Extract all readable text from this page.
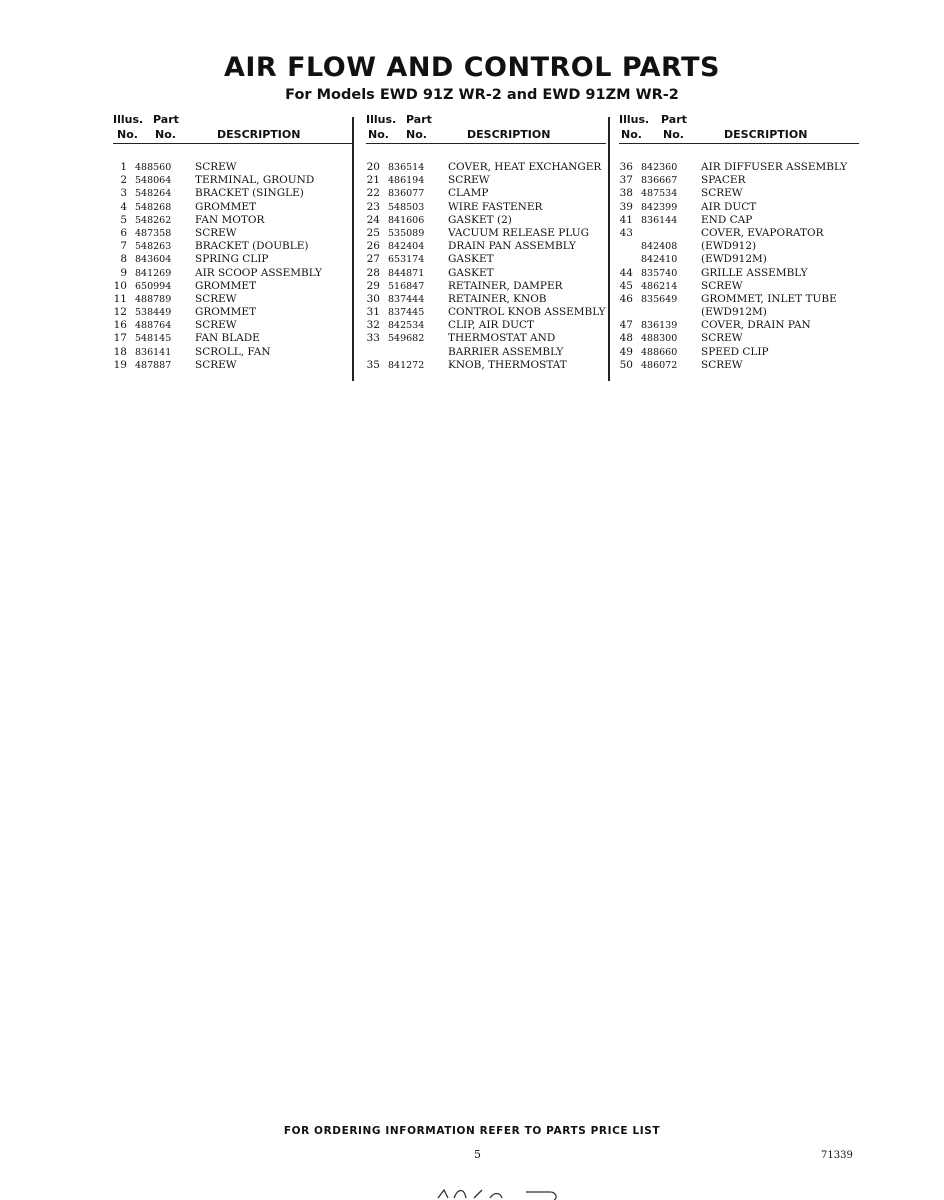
AIR FLOW AND CONTROL PARTS
For Models EWD 91Z WR-2 and EWD 91ZM WR-2
Illus. Part
No. No.	DESCRIPTION
1 488560 SCREW
2 548064 TERMINAL, GROUND
3 548264 BRACKET (SINGLE)
4 548268 GROMMET
5 548262 FAN MOTOR
6 487358 SCREW
7 548263 BRACKET (DOUBLE)
8 843604 SPRING CLIP
9 841269 AIR SCOOP ASSEMBLY
10 650994 GROMMET
11 488789 SCREW
12 538449 GROMMET
16 488764 SCREW
17 548145 FAN BLADE
18 836141 SCROLL, FAN
19 487887 SCREW
Illus. Part
No. No.	DESCRIPTION
20 836514 COVER, HEAT EXCHANGER
21 486194 SCREW
22 836077 CLAMP
23 548503 WIRE FASTENER
24 841606 GASKET (2)
25 535089 VACUUM RELEASE PLUG
26 842404 DRAIN PAN ASSEMBLY
27 653174 GASKET
28 844871 GASKET
29 516847 RETAINER, DAMPER
30 837444 RETAINER, KNOB
31 837445 CONTROL KNOB ASSEMBLY
32 842534 CLIP, AIR DUCT
33 549682 THERMOSTAT AND
BARRIER ASSEMBLY
35 841272 KNOB, THERMOSTAT
Illus. Part
No. No.	DESCRIPTION
36 842360 AIR DIFFUSER ASSEMBLY
37 836667 SPACER
38 487534 SCREW
39 842399 AIR DUCT
41 836144 END CAP
43	COVER, EVAPORATOR
842408 (EWD912)
842410 (EWD912M)
44 835740 GRILLE ASSEMBLY
45 486214 SCREW
46 835649 GROMMET, INLET TUBE
(EWD912M)
47 836139 COVER, DRAIN PAN
48 488300 SCREW
49 488660 SPEED CLIP
50 486072 SCREW
FOR ORDERING INFORMATION REFER TO PARTS PRICE LIST
5	71339
